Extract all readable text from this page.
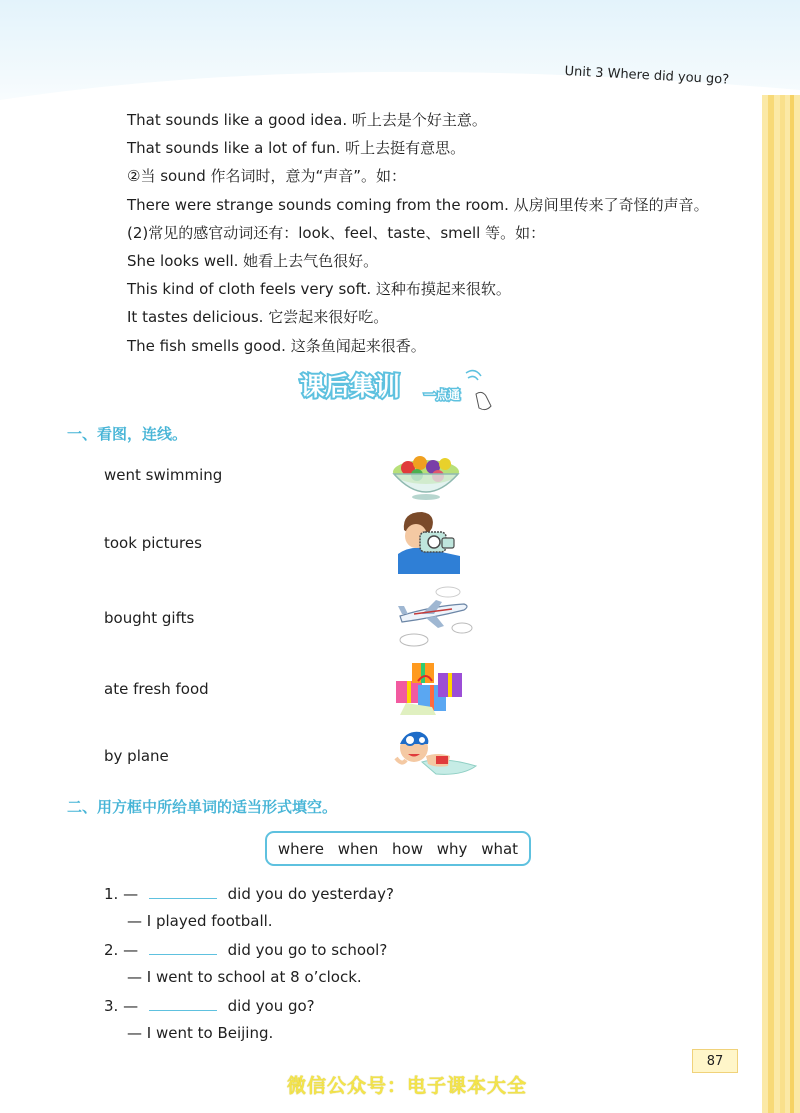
Unit 3 Where did you go?
That sounds like a good idea. 听上去是个好主意。
That sounds like a lot of fun. 听上去挺有意思。
②当 sound 作名词时，意为“声音”。如：
There were strange sounds coming from the room. 从房间里传来了奇怪的声音。
(2)常见的感官动词还有：look、feel、taste、smell 等。如：
She looks well. 她看上去气色很好。
This kind of cloth feels very soft. 这种布摸起来很软。
It tastes delicious. 它尝起来很好吃。
The fish smells good. 这条鱼闻起来很香。
课后集训 一点通
一、看图，连线。
went swimming
took pictures
bought gifts
ate fresh food
by plane
二、用方框中所给单词的适当形式填空。
where when how why what
1. —	did you do yesterday?
— I played football.
2. —	did you go to school?
— I went to school at 8 o’clock.
3. —	did you go?
— I went to Beijing.
87
微信公众号：电子课本大全
